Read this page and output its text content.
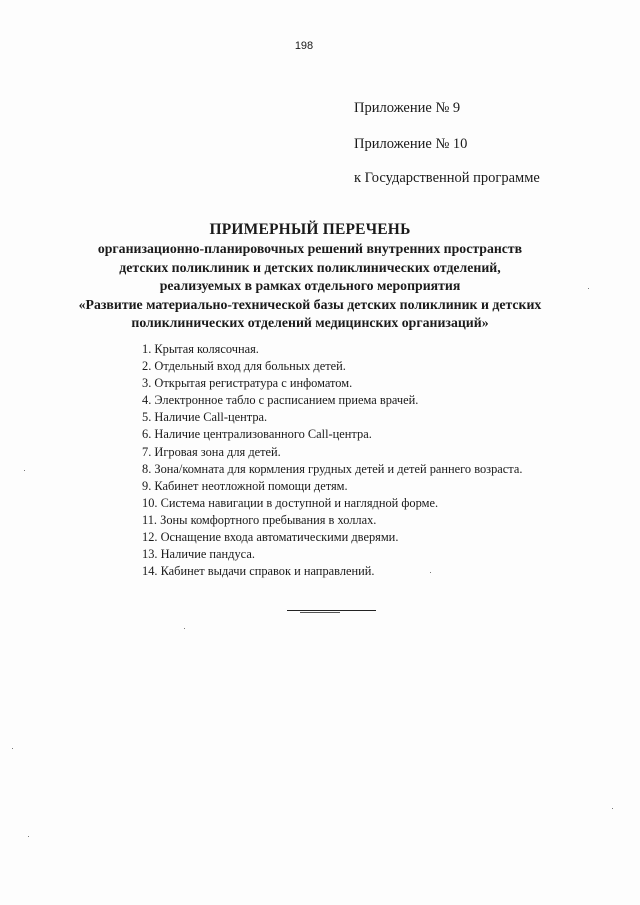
198
Приложение № 9
Приложение № 10
к Государственной программе
ПРИМЕРНЫЙ ПЕРЕЧЕНЬ
организационно-планировочных решений внутренних пространств
детских поликлиник и детских поликлинических отделений,
реализуемых в рамках отдельного мероприятия
«Развитие материально-технической базы детских поликлиник и детских
поликлинических отделений медицинских организаций»
1. Крытая колясочная.
2. Отдельный вход для больных детей.
3. Открытая регистратура с инфоматом.
4. Электронное табло с расписанием приема врачей.
5. Наличие Call-центра.
6. Наличие централизованного Call-центра.
7. Игровая зона для детей.
8. Зона/комната для кормления грудных детей и детей раннего возраста.
9. Кабинет неотложной помощи детям.
10. Система навигации в доступной и наглядной форме.
11. Зоны комфортного пребывания в холлах.
12. Оснащение входа автоматическими дверями.
13. Наличие пандуса.
14. Кабинет выдачи справок и направлений.
